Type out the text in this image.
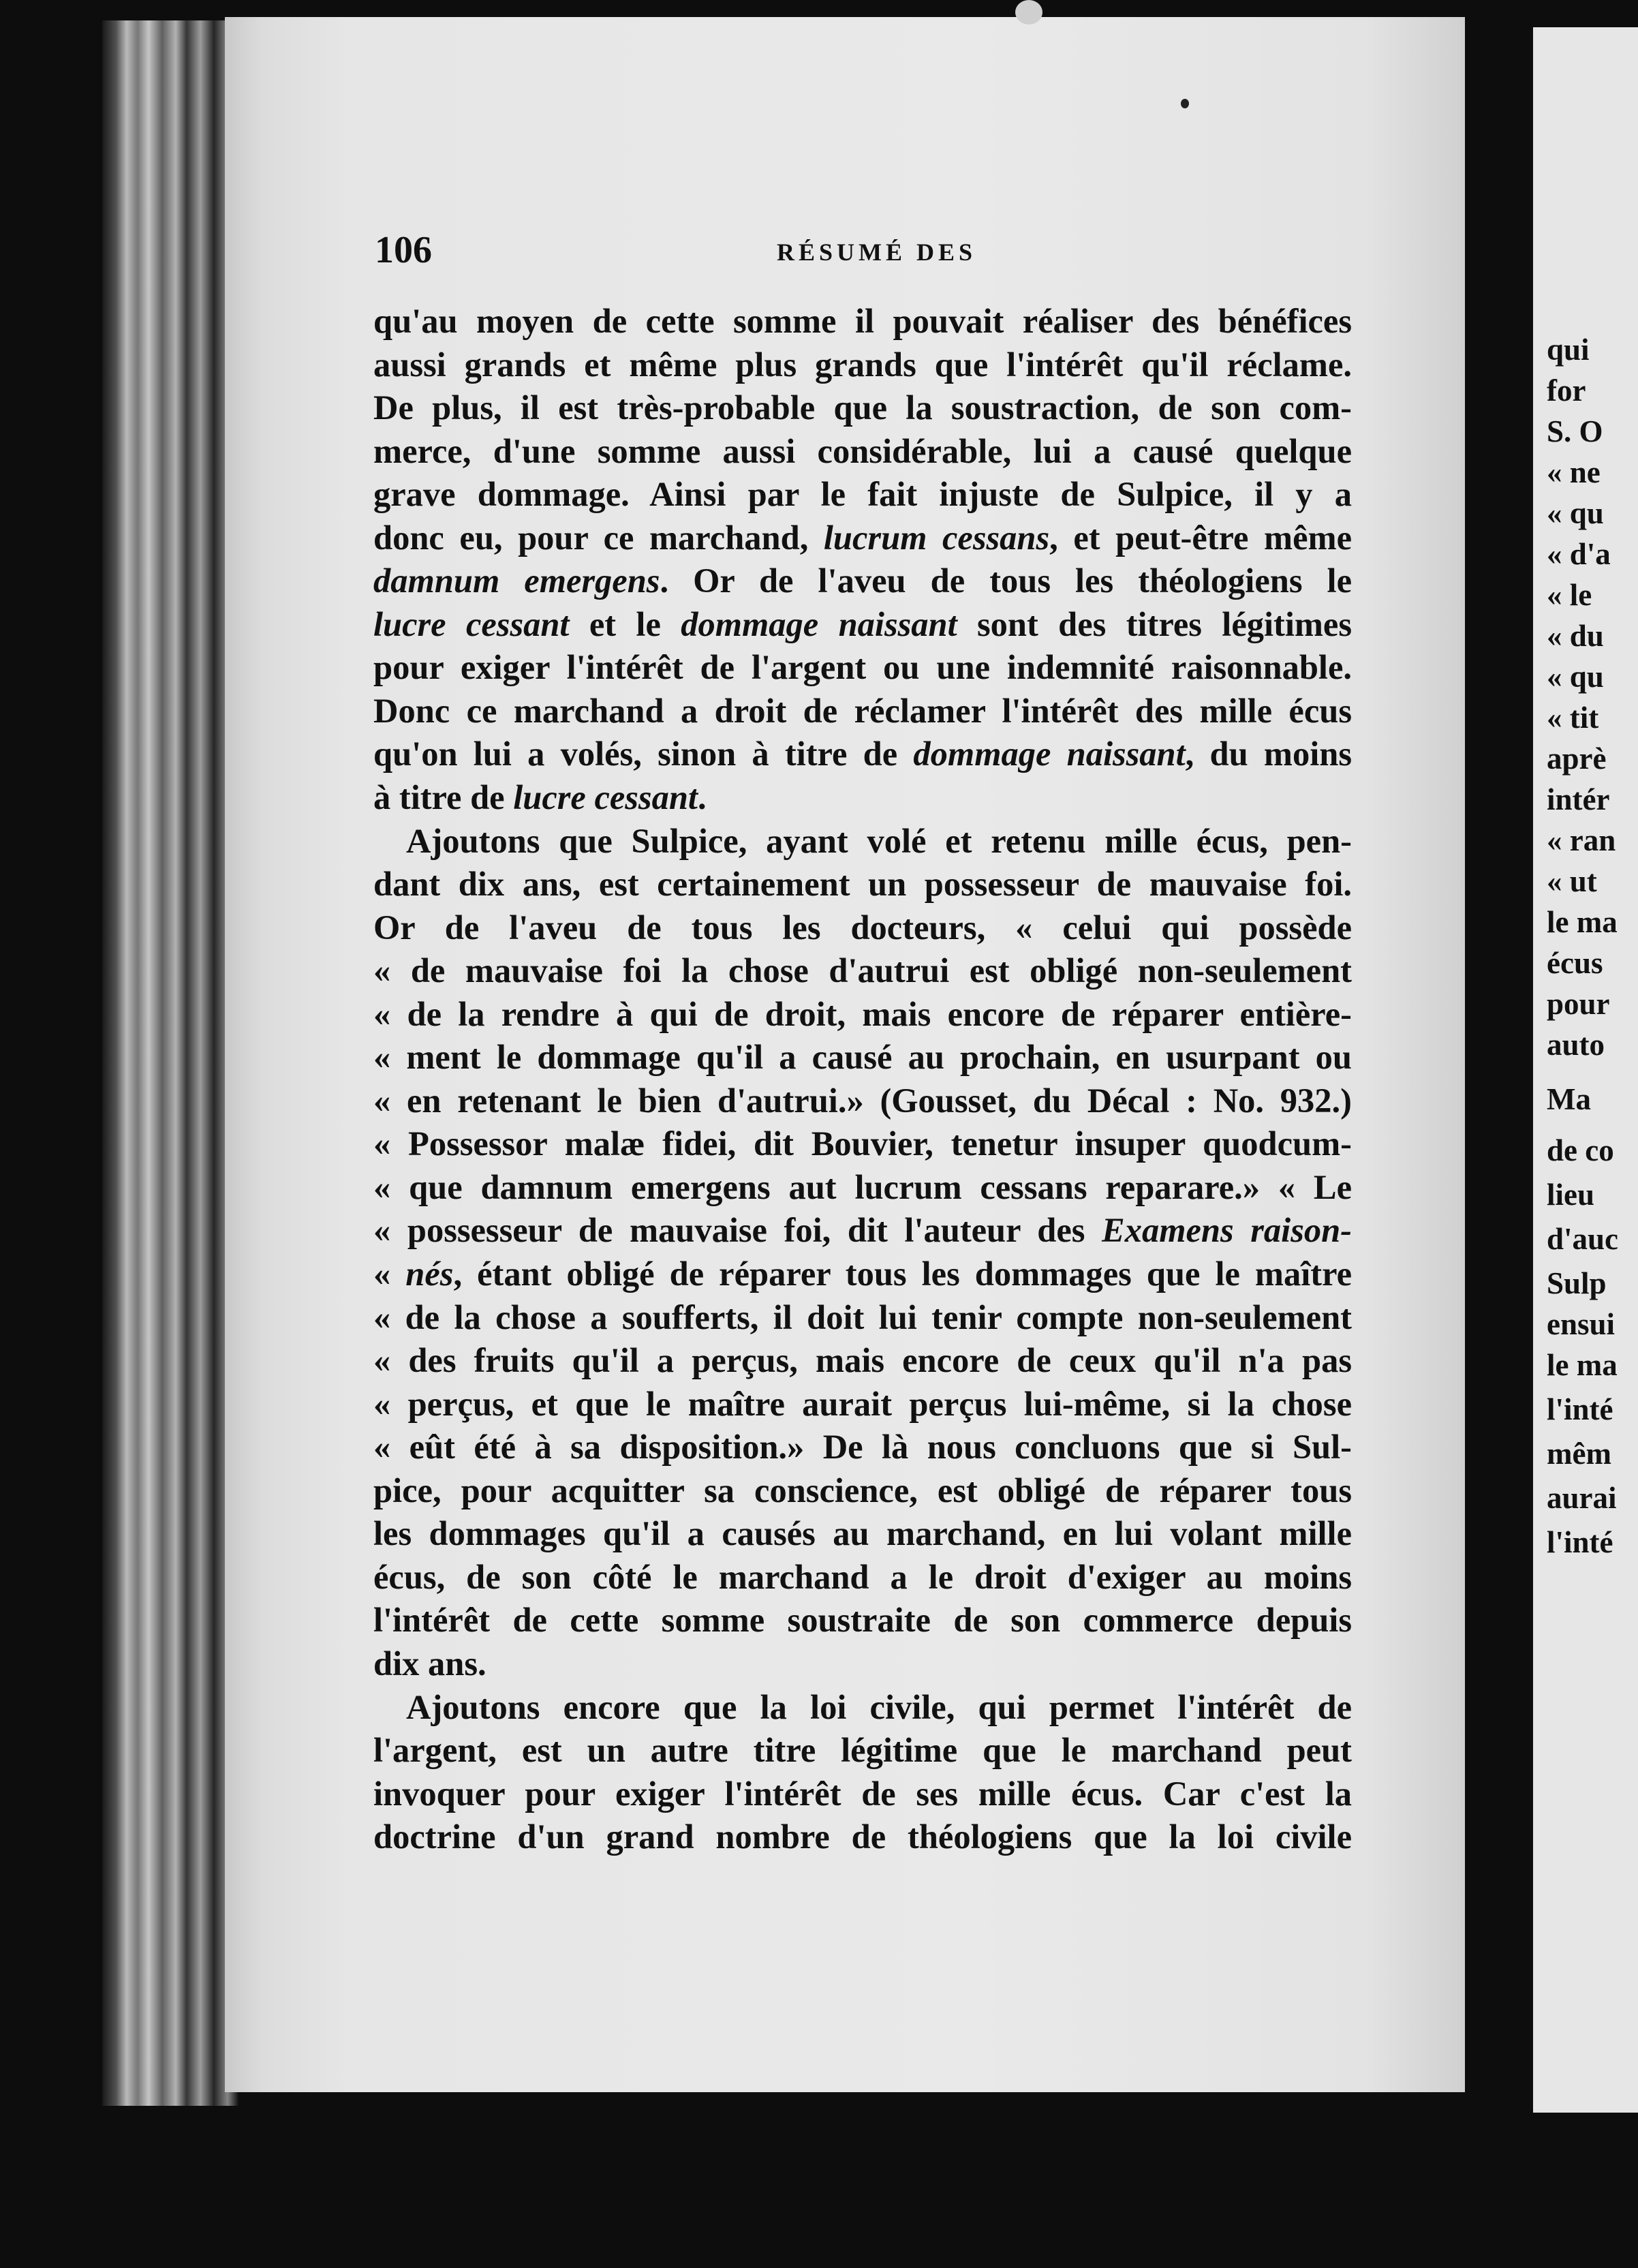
qui
for
S. O
« ne
« qu
« d'a
« le
« du
« qu
« tit
aprè
intér
« ran
« ut
le ma
écus
pour
auto
Ma
de co
lieu
d'auc
Sulp
ensui
le ma
l'inté
mêm
aurai
l'inté
106	RÉSUMÉ DES
qu'au moyen de cette somme il pouvait réaliser des bénéfices
aussi grands et même plus grands que l'intérêt qu'il réclame.
De plus, il est très-probable que la soustraction, de son com-
merce, d'une somme aussi considérable, lui a causé quelque
grave dommage. Ainsi par le fait injuste de Sulpice, il y a
donc eu, pour ce marchand, lucrum cessans, et peut-être même
damnum emergens. Or de l'aveu de tous les théologiens le
lucre cessant et le dommage naissant sont des titres légitimes
pour exiger l'intérêt de l'argent ou une indemnité raisonnable.
Donc ce marchand a droit de réclamer l'intérêt des mille écus
qu'on lui a volés, sinon à titre de dommage naissant, du moins
à titre de lucre cessant.
Ajoutons que Sulpice, ayant volé et retenu mille écus, pen-
dant dix ans, est certainement un possesseur de mauvaise foi.
Or de l'aveu de tous les docteurs, « celui qui possède
« de mauvaise foi la chose d'autrui est obligé non-seulement
« de la rendre à qui de droit, mais encore de réparer entière-
« ment le dommage qu'il a causé au prochain, en usurpant ou
« en retenant le bien d'autrui.» (Gousset, du Décal : No. 932.)
« Possessor malæ fidei, dit Bouvier, tenetur insuper quodcum-
« que damnum emergens aut lucrum cessans reparare.» « Le
« possesseur de mauvaise foi, dit l'auteur des Examens raison-
« nés, étant obligé de réparer tous les dommages que le maître
« de la chose a soufferts, il doit lui tenir compte non-seulement
« des fruits qu'il a perçus, mais encore de ceux qu'il n'a pas
« perçus, et que le maître aurait perçus lui-même, si la chose
« eût été à sa disposition.» De là nous concluons que si Sul-
pice, pour acquitter sa conscience, est obligé de réparer tous
les dommages qu'il a causés au marchand, en lui volant mille
écus, de son côté le marchand a le droit d'exiger au moins
l'intérêt de cette somme soustraite de son commerce depuis
dix ans.
Ajoutons encore que la loi civile, qui permet l'intérêt de
l'argent, est un autre titre légitime que le marchand peut
invoquer pour exiger l'intérêt de ses mille écus. Car c'est la
doctrine d'un grand nombre de théologiens que la loi civile
